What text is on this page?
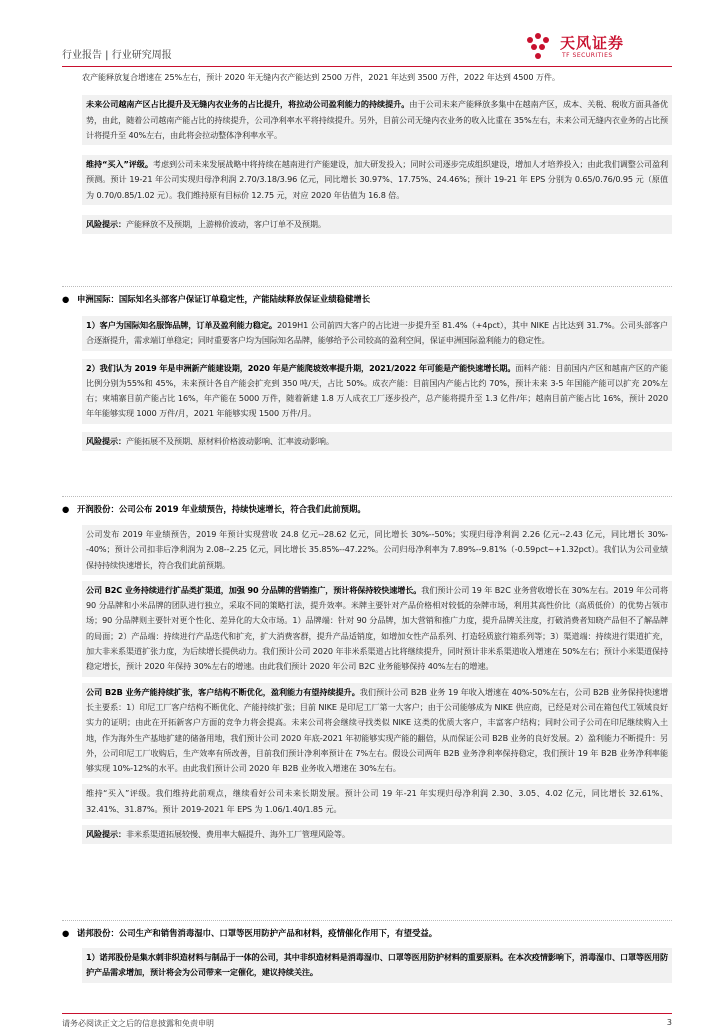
行业报告 | 行业研究周报
天风证券
TF SECURITIES

农产能释放复合增速在 25%左右，预计 2020 年无缝内衣产能达到 2500 万件，2021 年达到 3500 万件，2022 年达到 4500 万件。

未来公司越南产区占比提升及无缝内衣业务的占比提升，将拉动公司盈利能力的持续提升。由于公司未来产能释放多集中在越南产区，成本、关税、税收方面具备优势，由此，随着公司越南产能占比的持续提升，公司净利率水平将持续提升。另外，目前公司无缝内衣业务的收入比重在 35%左右，未来公司无缝内衣业务的占比预计将提升至 40%左右，由此将会拉动整体净利率水平。

维持“买入”评级。考虑到公司未来发展战略中将持续在越南进行产能建设，加大研发投入；同时公司逐步完成组织建设，增加人才培养投入；由此我们调整公司盈利预测。预计 19-21 年公司实现归母净利润 2.70/3.18/3.96 亿元，同比增长 30.97%、17.75%、24.46%；预计 19-21 年 EPS 分别为 0.65/0.76/0.95 元（原值为 0.70/0.85/1.02 元）。我们维持原有目标价 12.75 元，对应 2020 年估值为 16.8 倍。

风险提示：产能释放不及预期，上游棉价波动，客户订单不及预期。

● 申洲国际：国际知名头部客户保证订单稳定性，产能陆续释放保证业绩稳健增长

1）客户为国际知名服饰品牌，订单及盈利能力稳定。2019H1 公司前四大客户的占比进一步提升至 81.4%（+4pct），其中 NIKE 占比达到 31.7%。公司头部客户合逐渐提升，需求端订单稳定；同时重要客户均为国际知名品牌，能够给予公司较高的盈利空间，保证申洲国际盈利能力的稳定性。

2）我们认为 2019 年是申洲新产能建设期，2020 年是产能爬坡效率提升期，2021/2022 年可能是产能快速增长期。面料产能：目前国内产区和越南产区的产能比例分别为55%和 45%，未来预计各自产能会扩充到 350 吨/天，占比 50%。成衣产能：目前国内产能占比约 70%，预计未来 3-5 年国能产能可以扩充 20%左右；柬埔寨目前产能占比 16%，年产能在 5000 万件，随着新建 1.8 万人成衣工厂逐步投产，总产能将提升至 1.3 亿件/年；越南目前产能占比 16%，预计 2020 年年能够实现 1000 万件/月，2021 年能够实现 1500 万件/月。

风险提示：产能拓展不及预期、原材料价格波动影响、汇率波动影响。

● 开润股份：公司公布 2019 年业绩预告，持续快速增长，符合我们此前预期。

公司发布 2019 年业绩预告，2019 年预计实现营收 24.8 亿元--28.62 亿元，同比增长 30%--50%；实现归母净利润 2.26 亿元--2.43 亿元，同比增长 30%--40%；预计公司扣非后净利润为 2.08--2.25 亿元，同比增长 35.85%--47.22%。公司归母净利率为 7.89%--9.81%（-0.59pct~+1.32pct）。我们认为公司业绩保持持续快速增长，符合我们此前预期。

公司 B2C 业务持续进行扩品类扩渠道，加强 90 分品牌的营销推广，预计将保持较快速增长。我们预计公司 19 年 B2C 业务营收增长在 30%左右。2019 年公司将 90 分品牌和小米品牌的团队进行独立，采取不同的策略打法，提升效率。米牌主要针对产品价格相对较低的杂牌市场，利用其高性价比（高质低价）的优势占领市场；90 分品牌则主要针对更个性化、差异化的大众市场。1）品牌端：针对 90 分品牌，加大营销和推广力度，提升品牌关注度，打破消费者知晓产品但不了解品牌的局面；2）产品端：持续进行产品迭代和扩充，扩大消费客群，提升产品适销度，如增加女性产品系列、打造轻质旅行箱系列等；3）渠道端：持续进行渠道扩充，加大非米系渠道扩张力度，为后续增长提供动力。我们预计公司 2020 年非米系渠道占比将继续提升，同时预计非米系渠道收入增速在 50%左右；预计小米渠道保持稳定增长，预计 2020 年保持 30%左右的增速。由此我们预计 2020 年公司 B2C 业务能够保持 40%左右的增速。

公司 B2B 业务产能持续扩张，客户结构不断优化，盈利能力有望持续提升。我们预计公司 B2B 业务 19 年收入增速在 40%-50%左右，公司 B2B 业务保持快速增长主要系：1）印尼工厂客户结构不断优化、产能持续扩张；目前 NIKE 是印尼工厂第一大客户；由于公司能够成为 NIKE 供应商，已经是对公司在箱包代工领域良好实力的证明；由此在开拓新客户方面的竞争力将会提高。未来公司将会继续寻找类似 NIKE 这类的优质大客户，丰富客户结构；同时公司子公司在印尼继续购入土地，作为海外生产基地扩建的储备用地，我们预计公司 2020 年底-2021 年初能够实现产能的翻倍，从而保证公司 B2B 业务的良好发展。2）盈利能力不断提升：另外，公司印尼工厂收购后，生产效率有所改善，目前我们预计净利率预计在 7%左右。假设公司两年 B2B 业务净利率保持稳定，我们预计 19 年 B2B 业务净利率能够实现 10%-12%的水平。由此我们预计公司 2020 年 B2B 业务收入增速在 30%左右。

维持“买入”评级。我们维持此前观点，继续看好公司未来长期发展。预计公司 19 年-21 年实现归母净利润 2.30、3.05、4.02 亿元，同比增长 32.61%、32.41%、31.87%。预计 2019-2021 年 EPS 为 1.06/1.40/1.85 元。

风险提示：非米系渠道拓展较慢、费用率大幅提升、海外工厂管理风险等。

● 诺邦股份：公司生产和销售消毒湿巾、口罩等医用防护产品和材料，疫情催化作用下，有望受益。

1）诺邦股份是集水刺非织造材料与制品于一体的公司，其中非织造材料是消毒湿巾、口罩等医用防护材料的重要原料。在本次疫情影响下，消毒湿巾、口罩等医用防护产品需求增加，预计将会为公司带来一定催化，建议持续关注。

请务必阅读正文之后的信息披露和免责申明	3
